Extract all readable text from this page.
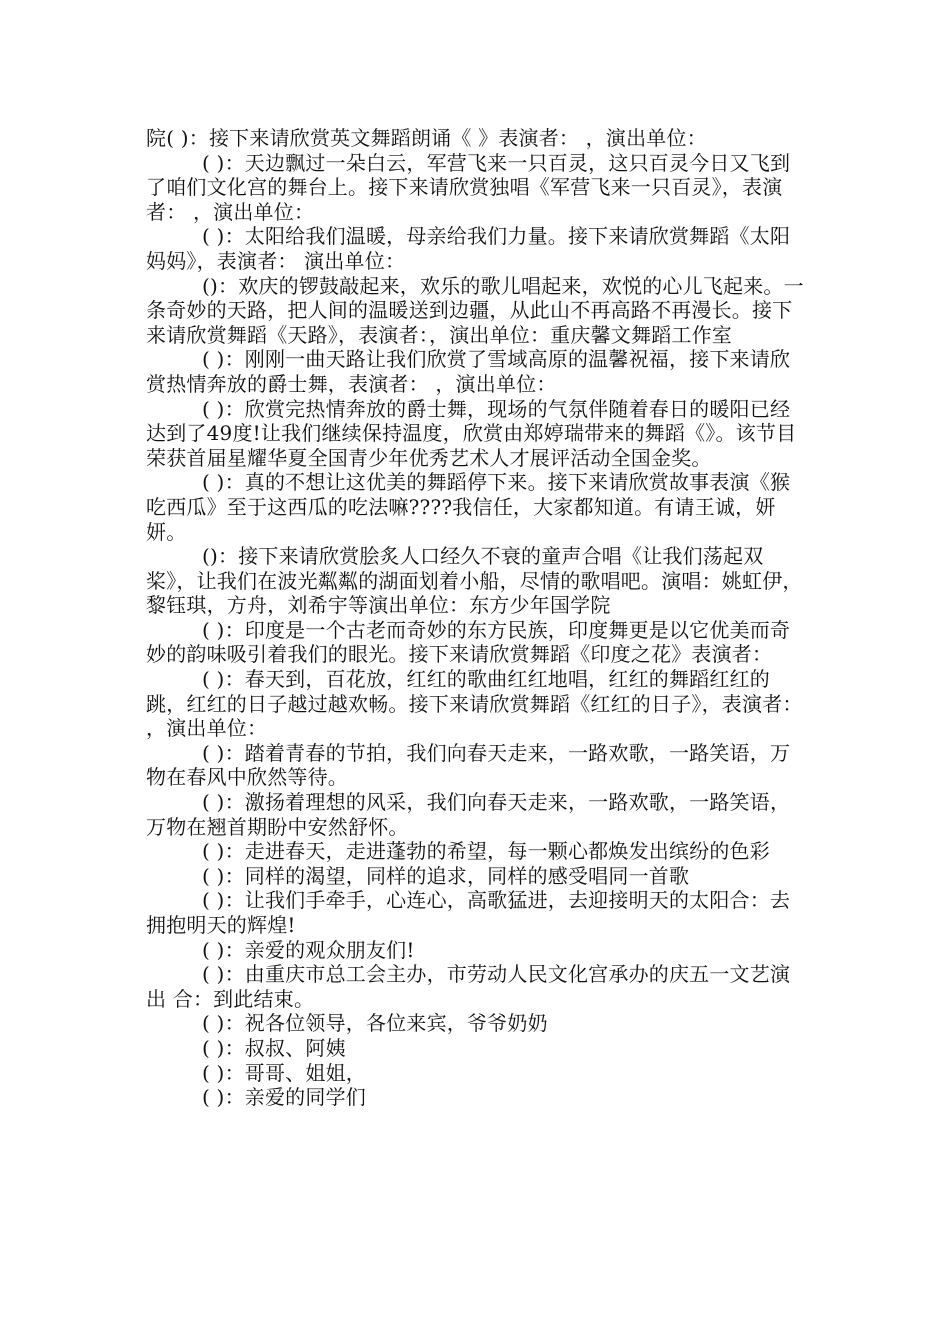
院( )：接下来请欣赏英文舞蹈朗诵《 》表演者： ，演出单位：

( )：天边飘过一朵白云，军营飞来一只百灵，这只百灵今日又飞到了咱们文化宫的舞台上。接下来请欣赏独唱《军营飞来一只百灵》，表演者： ，演出单位：

( )：太阳给我们温暖，母亲给我们力量。接下来请欣赏舞蹈《太阳妈妈》，表演者： 演出单位：

()：欢庆的锣鼓敲起来，欢乐的歌儿唱起来，欢悦的心儿飞起来。一条奇妙的天路，把人间的温暖送到边疆，从此山不再高路不再漫长。接下来请欣赏舞蹈《天路》，表演者：，演出单位：重庆馨文舞蹈工作室

( )：刚刚一曲天路让我们欣赏了雪域高原的温馨祝福，接下来请欣赏热情奔放的爵士舞，表演者： ，演出单位：

( )：欣赏完热情奔放的爵士舞，现场的气氛伴随着春日的暖阳已经达到了49度!让我们继续保持温度，欣赏由郑婷瑞带来的舞蹈《》。该节目荣获首届星耀华夏全国青少年优秀艺术人才展评活动全国金奖。

( )：真的不想让这优美的舞蹈停下来。接下来请欣赏故事表演《猴吃西瓜》至于这西瓜的吃法嘛????我信任，大家都知道。有请王诚，妍妍。

()：接下来请欣赏脍炙人口经久不衰的童声合唱《让我们荡起双桨》，让我们在波光粼粼的湖面划着小船，尽情的歌唱吧。演唱：姚虹伊，黎钰琪，方舟，刘希宇等演出单位：东方少年国学院

( )：印度是一个古老而奇妙的东方民族，印度舞更是以它优美而奇妙的韵味吸引着我们的眼光。接下来请欣赏舞蹈《印度之花》表演者：

( )：春天到，百花放，红红的歌曲红红地唱，红红的舞蹈红红的跳，红红的日子越过越欢畅。接下来请欣赏舞蹈《红红的日子》，表演者： ，演出单位：

( )：踏着青春的节拍，我们向春天走来，一路欢歌，一路笑语，万物在春风中欣然等待。

( )：激扬着理想的风采，我们向春天走来，一路欢歌，一路笑语，万物在翘首期盼中安然舒怀。

( )：走进春天，走进蓬勃的希望，每一颗心都焕发出缤纷的色彩

( )：同样的渴望，同样的追求，同样的感受唱同一首歌

( )：让我们手牵手，心连心，高歌猛进，去迎接明天的太阳合：去拥抱明天的辉煌!

( )：亲爱的观众朋友们!

( )：由重庆市总工会主办，市劳动人民文化宫承办的庆五一文艺演出 合：到此结束。

( )：祝各位领导，各位来宾，爷爷奶奶

( )：叔叔、阿姨

( )：哥哥、姐姐，

( )：亲爱的同学们
